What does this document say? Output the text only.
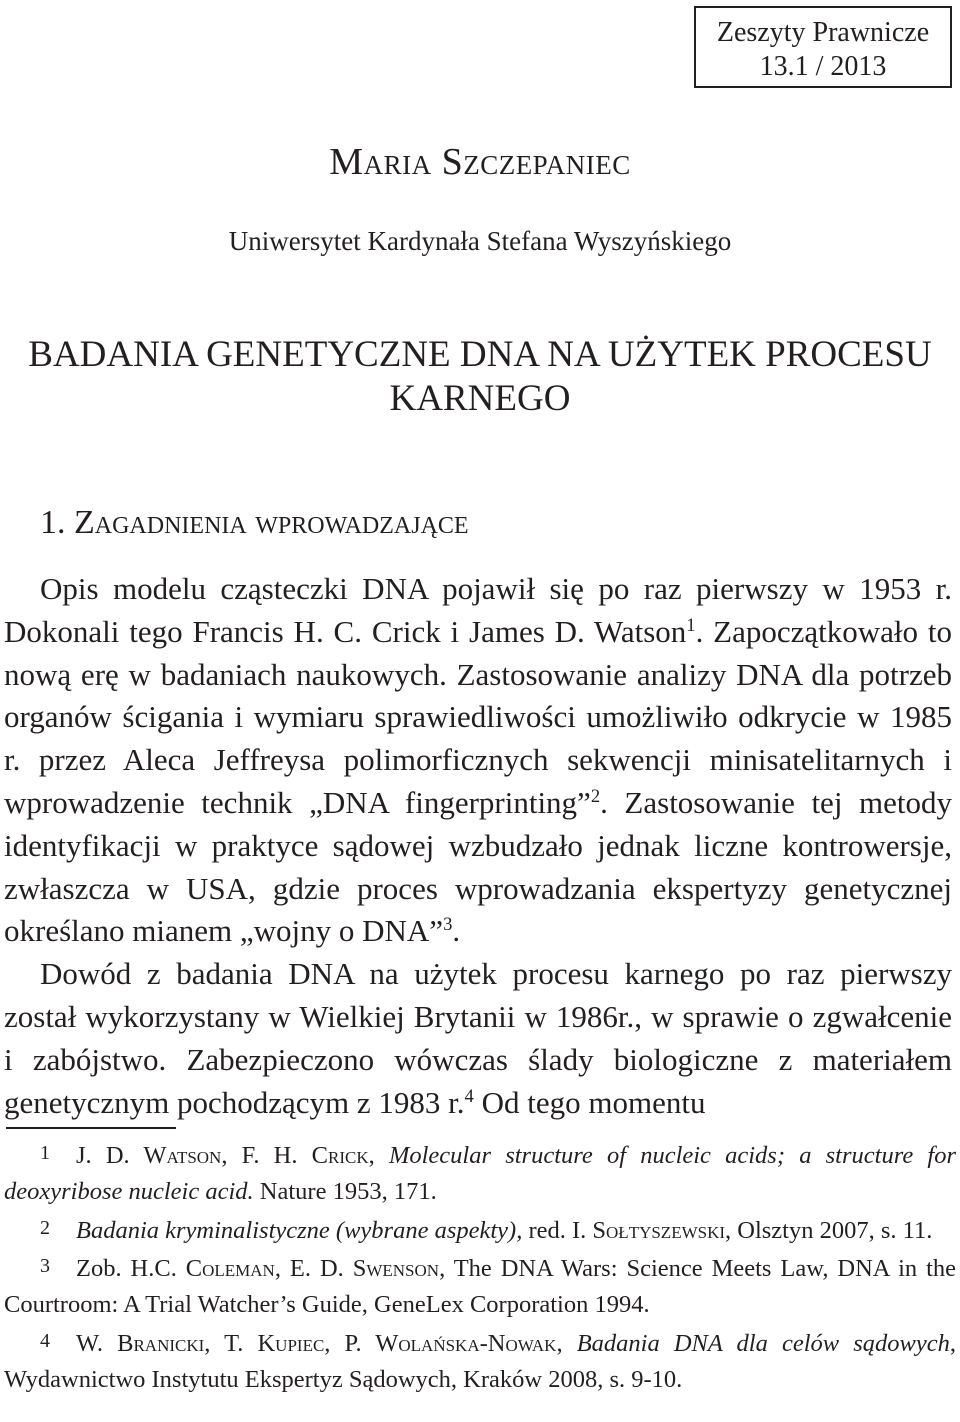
Zeszyty Prawnicze
13.1 / 2013
Maria Szczepaniec
Uniwersytet Kardynała Stefana Wyszyńskiego
BADANIA GENETYCZNE DNA NA UŻYTEK PROCESU
KARNEGO
1. Zagadnienia wprowadzające

Opis modelu cząsteczki DNA pojawił się po raz pierwszy w 1953 r. Dokonali tego Francis H. C. Crick i James D. Watson$^1$. Zapoczątkowało to nową erę w badaniach naukowych. Zastosowanie analizy DNA dla potrzeb organów ścigania i wymiaru sprawiedliwości umożliwiło odkrycie w 1985 r. przez Aleca Jeffreysa polimorficznych sekwencji minisatelitarnych i wprowadzenie technik „DNA fingerprinting”$^2$. Zastosowanie tej metody identyfikacji w praktyce sądowej wzbudzało jednak liczne kontrowersje, zwłaszcza w USA, gdzie proces wprowadzania ekspertyzy genetycznej określano mianem „wojny o DNA”$^3$.

Dowód z badania DNA na użytek procesu karnego po raz pierwszy został wykorzystany w Wielkiej Brytanii w 1986r., w sprawie o zgwałcenie i zabójstwo. Zabezpieczono wówczas ślady biologiczne z materiałem genetycznym pochodzącym z 1983 r.$^4$ Od tego momentu

1 J. D. Watson, F. H. Crick, Molecular structure of nucleic acids; a structure for deoxyribose nucleic acid. Nature 1953, 171.

2 Badania kryminalistyczne (wybrane aspekty), red. I. Sołtyszewski, Olsztyn 2007, s. 11.

3 Zob. H.C. Coleman, E. D. Swenson, The DNA Wars: Science Meets Law, DNA in the Courtroom: A Trial Watcher’s Guide, GeneLex Corporation 1994.

4 W. Branicki, T. Kupiec, P. Wolańska-Nowak, Badania DNA dla celów sądowych, Wydawnictwo Instytutu Ekspertyz Sądowych, Kraków 2008, s. 9-10.
